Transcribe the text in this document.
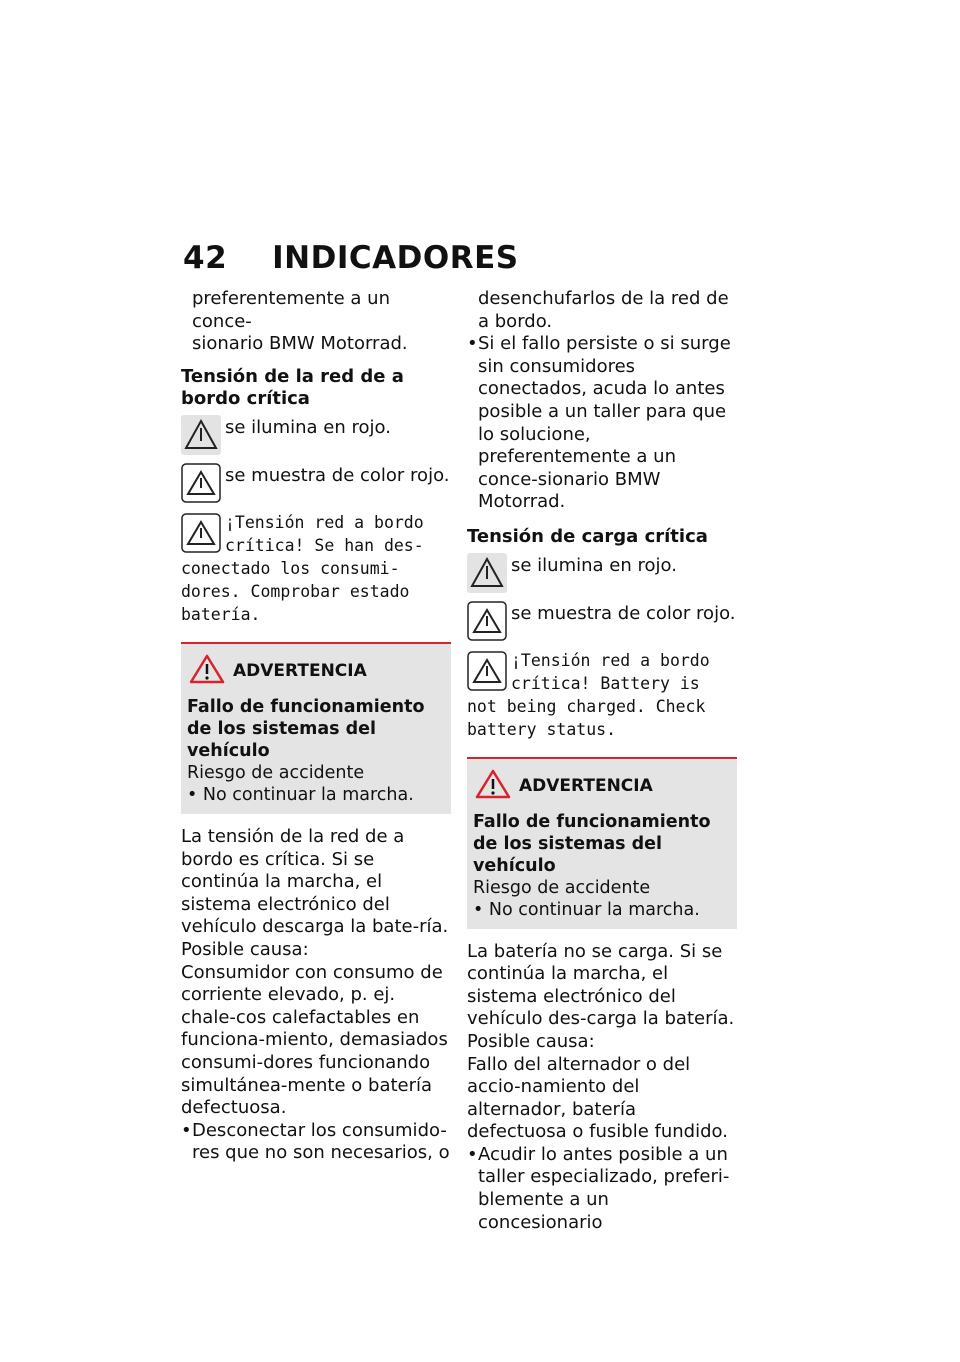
42 INDICADORES

preferentemente a un conce-

sionario BMW Motorrad.

Tensión de la red de a bordo crítica
se ilumina en rojo.
se muestra de color rojo.
¡Tensión red a bordo crítica! Se han des-conectado los consumi-dores. Comprobar estado batería.
ADVERTENCIA
Fallo de funcionamiento de los sistemas del vehículo
Riesgo de accidente
• No continuar la marcha.

La tensión de la red de a bordo es crítica. Si se continúa la marcha, el sistema electrónico del vehículo descarga la bate-ría.

Posible causa:

Consumidor con consumo de corriente elevado, p. ej. chale-cos calefactables en funciona-miento, demasiados consumi-dores funcionando simultánea-mente o batería defectuosa.

• Desconectar los consumido-res que no son necesarios, o

desenchufarlos de la red de a bordo.

• Si el fallo persiste o si surge sin consumidores conectados, acuda lo antes posible a un taller para que lo solucione, preferentemente a un conce-sionario BMW Motorrad.
Tensión de carga crítica
se ilumina en rojo.
se muestra de color rojo.
¡Tensión red a bordo crítica! Battery is not being charged. Check battery status.
ADVERTENCIA
Fallo de funcionamiento de los sistemas del vehículo
Riesgo de accidente
• No continuar la marcha.

La batería no se carga. Si se continúa la marcha, el sistema electrónico del vehículo des-carga la batería.

Posible causa:

Fallo del alternador o del accio-namiento del alternador, batería defectuosa o fusible fundido.

• Acudir lo antes posible a un taller especializado, preferi-blemente a un concesionario
